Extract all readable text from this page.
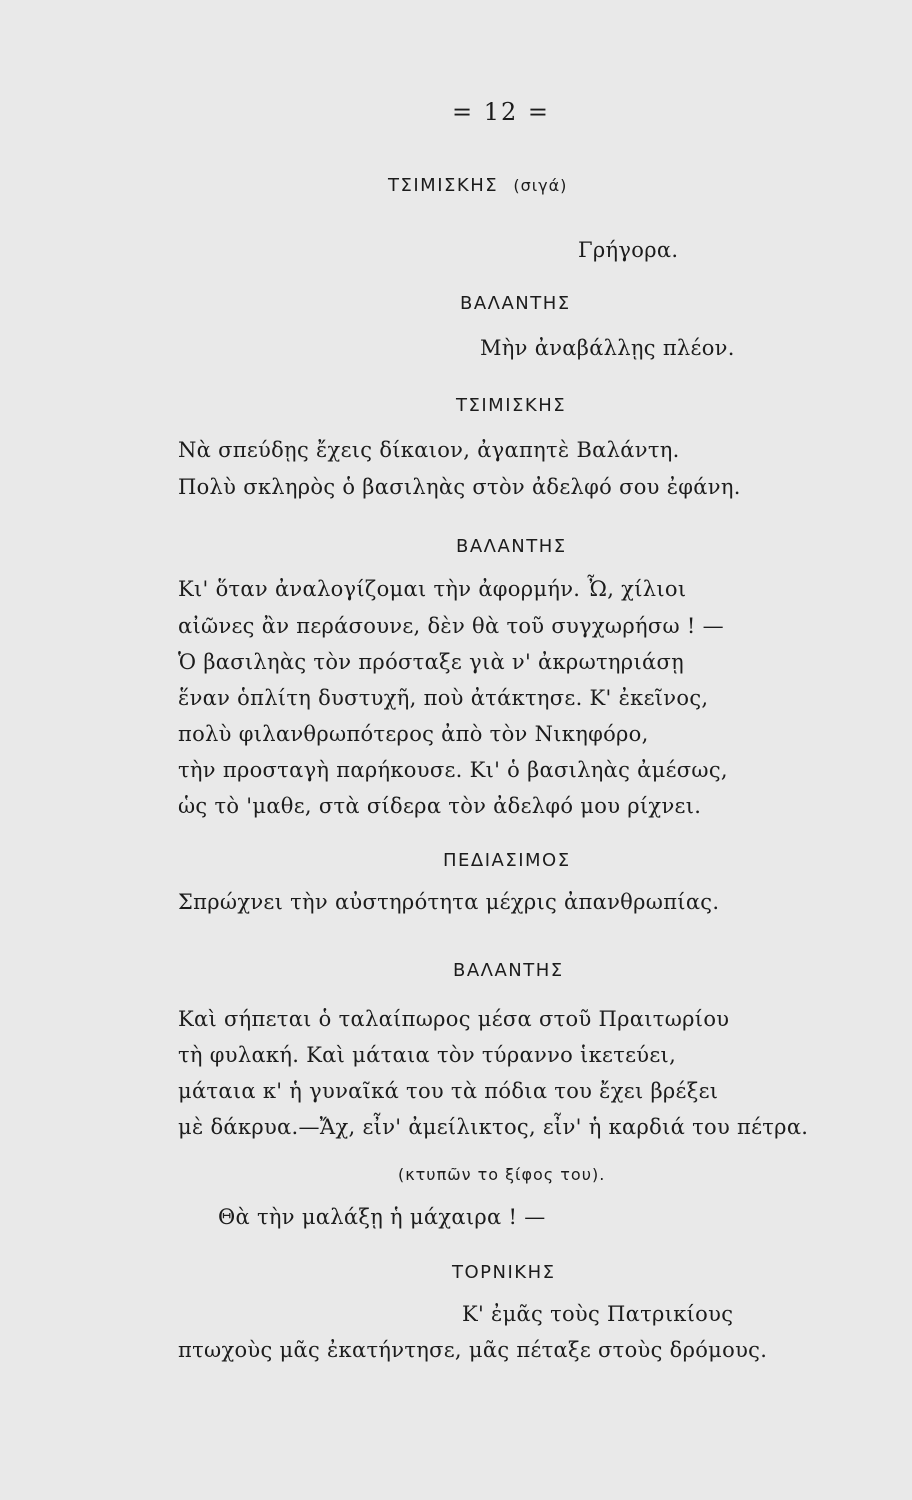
= 12 =
ΤΣΙΜΙΣΚΗΣ (σιγά)
Γρήγορα.
ΒΑΛΑΝΤΗΣ
Μὴν ἀναβάλλῃς πλέον.
ΤΣΙΜΙΣΚΗΣ
Νὰ σπεύδῃς ἔχεις δίκαιον, ἀγαπητὲ Βαλάντη.
Πολὺ σκληρὸς ὁ βασιληὰς στὸν ἀδελφό σου ἐφάνη.
ΒΑΛΑΝΤΗΣ
Κι' ὅταν ἀναλογίζομαι τὴν ἀφορμήν. Ὦ, χίλιοι
αἰῶνες ἂν περάσουνε, δὲν θὰ τοῦ συγχωρήσω ! —
Ὁ βασιληὰς τὸν πρόσταξε γιὰ ν' ἀκρωτηριάσῃ
ἕναν ὁπλίτη δυστυχῆ, ποὺ ἀτάκτησε. Κ' ἐκεῖνος,
πολὺ φιλανθρωπότερος ἀπὸ τὸν Νικηφόρο,
τὴν προσταγὴ παρήκουσε. Κι' ὁ βασιληὰς ἀμέσως,
ὡς τὸ 'μαθε, στὰ σίδερα τὸν ἀδελφό μου ρίχνει.
ΠΕΔΙΑΣΙΜΟΣ
Σπρώχνει τὴν αὐστηρότητα μέχρις ἀπανθρωπίας.
ΒΑΛΑΝΤΗΣ
Καὶ σήπεται ὁ ταλαίπωρος μέσα στοῦ Πραιτωρίου
τὴ φυλακή. Καὶ μάταια τὸν τύραννο ἱκετεύει,
μάταια κ' ἡ γυναῖκά του τὰ πόδια του ἔχει βρέξει
μὲ δάκρυα.—Ἄχ, εἶν' ἀμείλικτος, εἶν' ἡ καρδιά του πέτρα.
(κτυπῶν το ξίφος του).
Θὰ τὴν μαλάξῃ ἡ μάχαιρα ! —
ΤΟΡΝΙΚΗΣ
Κ' ἐμᾶς τοὺς Πατρικίους
πτωχοὺς μᾶς ἐκατήντησε, μᾶς πέταξε στοὺς δρόμους.
